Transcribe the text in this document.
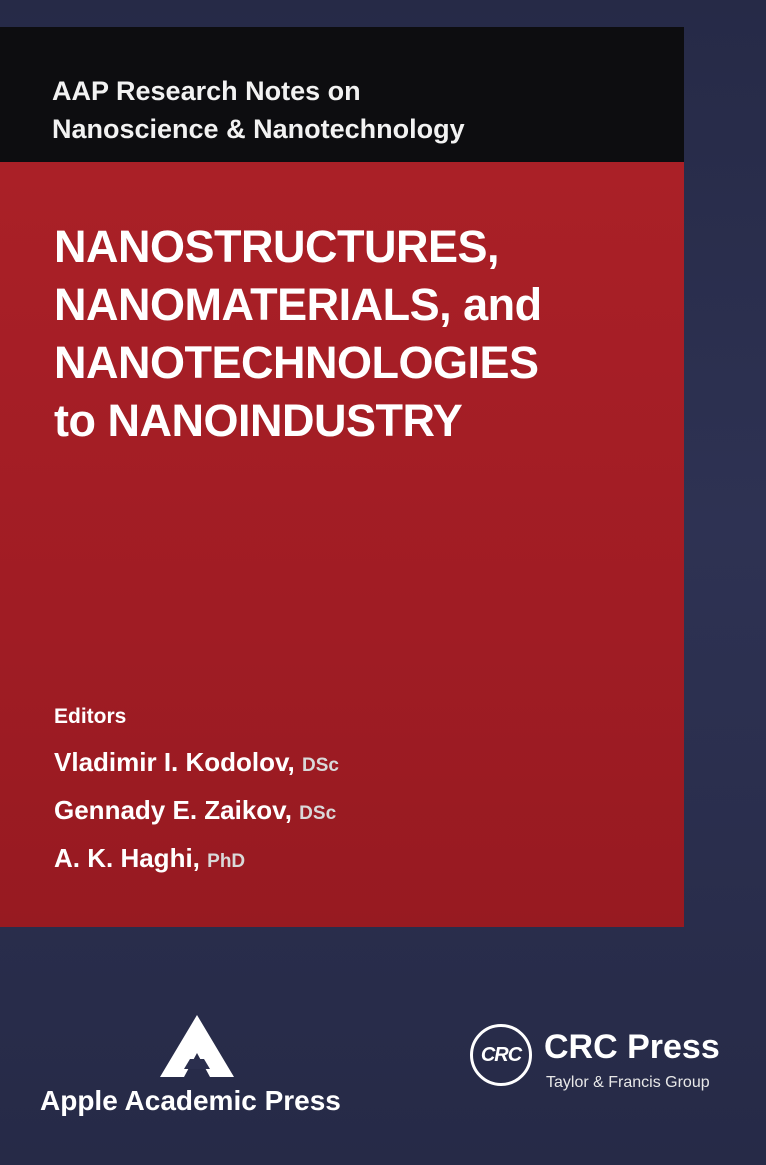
AAP Research Notes on
Nanoscience & Nanotechnology
NANOSTRUCTURES,
NANOMATERIALS, and
NANOTECHNOLOGIES
to NANOINDUSTRY
Editors
Vladimir I. Kodolov, DSc
Gennady E. Zaikov, DSc
A. K. Haghi, PhD
Apple Academic Press
CRC CRC Press
Taylor & Francis Group
